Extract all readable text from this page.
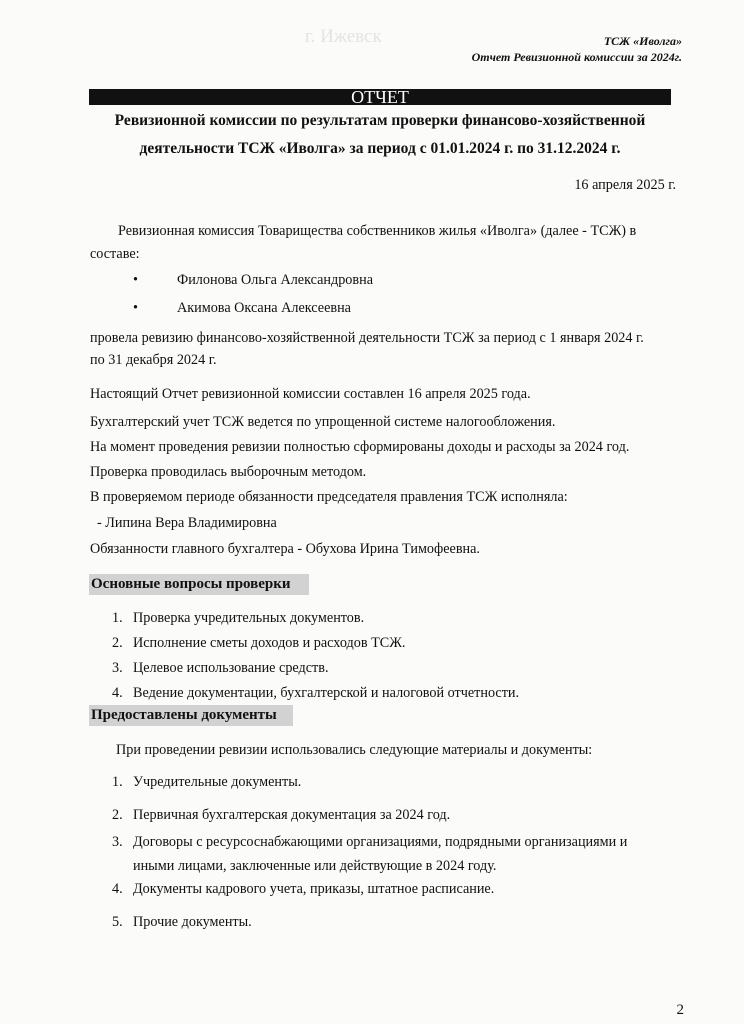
г. Ижевск	ТСЖ «Иволга»
Отчет Ревизионной комиссии за 2024г.
ОТЧЕТ
Ревизионной комиссии по результатам проверки финансово-хозяйственной
деятельности ТСЖ «Иволга» за период с 01.01.2024 г. по 31.12.2024 г.
16 апреля 2025 г.
Ревизионная комиссия Товарищества собственников жилья «Иволга» (далее - ТСЖ) в
составе:
•	Филонова Ольга Александровна
•	Акимова Оксана Алексеевна
провела ревизию финансово-хозяйственной деятельности ТСЖ за период с 1 января 2024 г.
по 31 декабря 2024 г.
Настоящий Отчет ревизионной комиссии составлен 16 апреля 2025 года.
Бухгалтерский учет ТСЖ ведется по упрощенной системе налогообложения.
На момент проведения ревизии полностью сформированы доходы и расходы за 2024 год.
Проверка проводилась выборочным методом.
В проверяемом периоде обязанности председателя правления ТСЖ исполняла:
- Липина Вера Владимировна
Обязанности главного бухгалтера - Обухова Ирина Тимофеевна.
Основные вопросы проверки
1. Проверка учредительных документов.
2. Исполнение сметы доходов и расходов ТСЖ.
3. Целевое использование средств.
4. Ведение документации, бухгалтерской и налоговой отчетности.
Предоставлены документы
При проведении ревизии использовались следующие материалы и документы:
1. Учредительные документы.
2. Первичная бухгалтерская документация за 2024 год.
3. Договоры с ресурсоснабжающими организациями, подрядными организациями и
иными лицами, заключенные или действующие в 2024 году.
4. Документы кадрового учета, приказы, штатное расписание.
5. Прочие документы.
2
